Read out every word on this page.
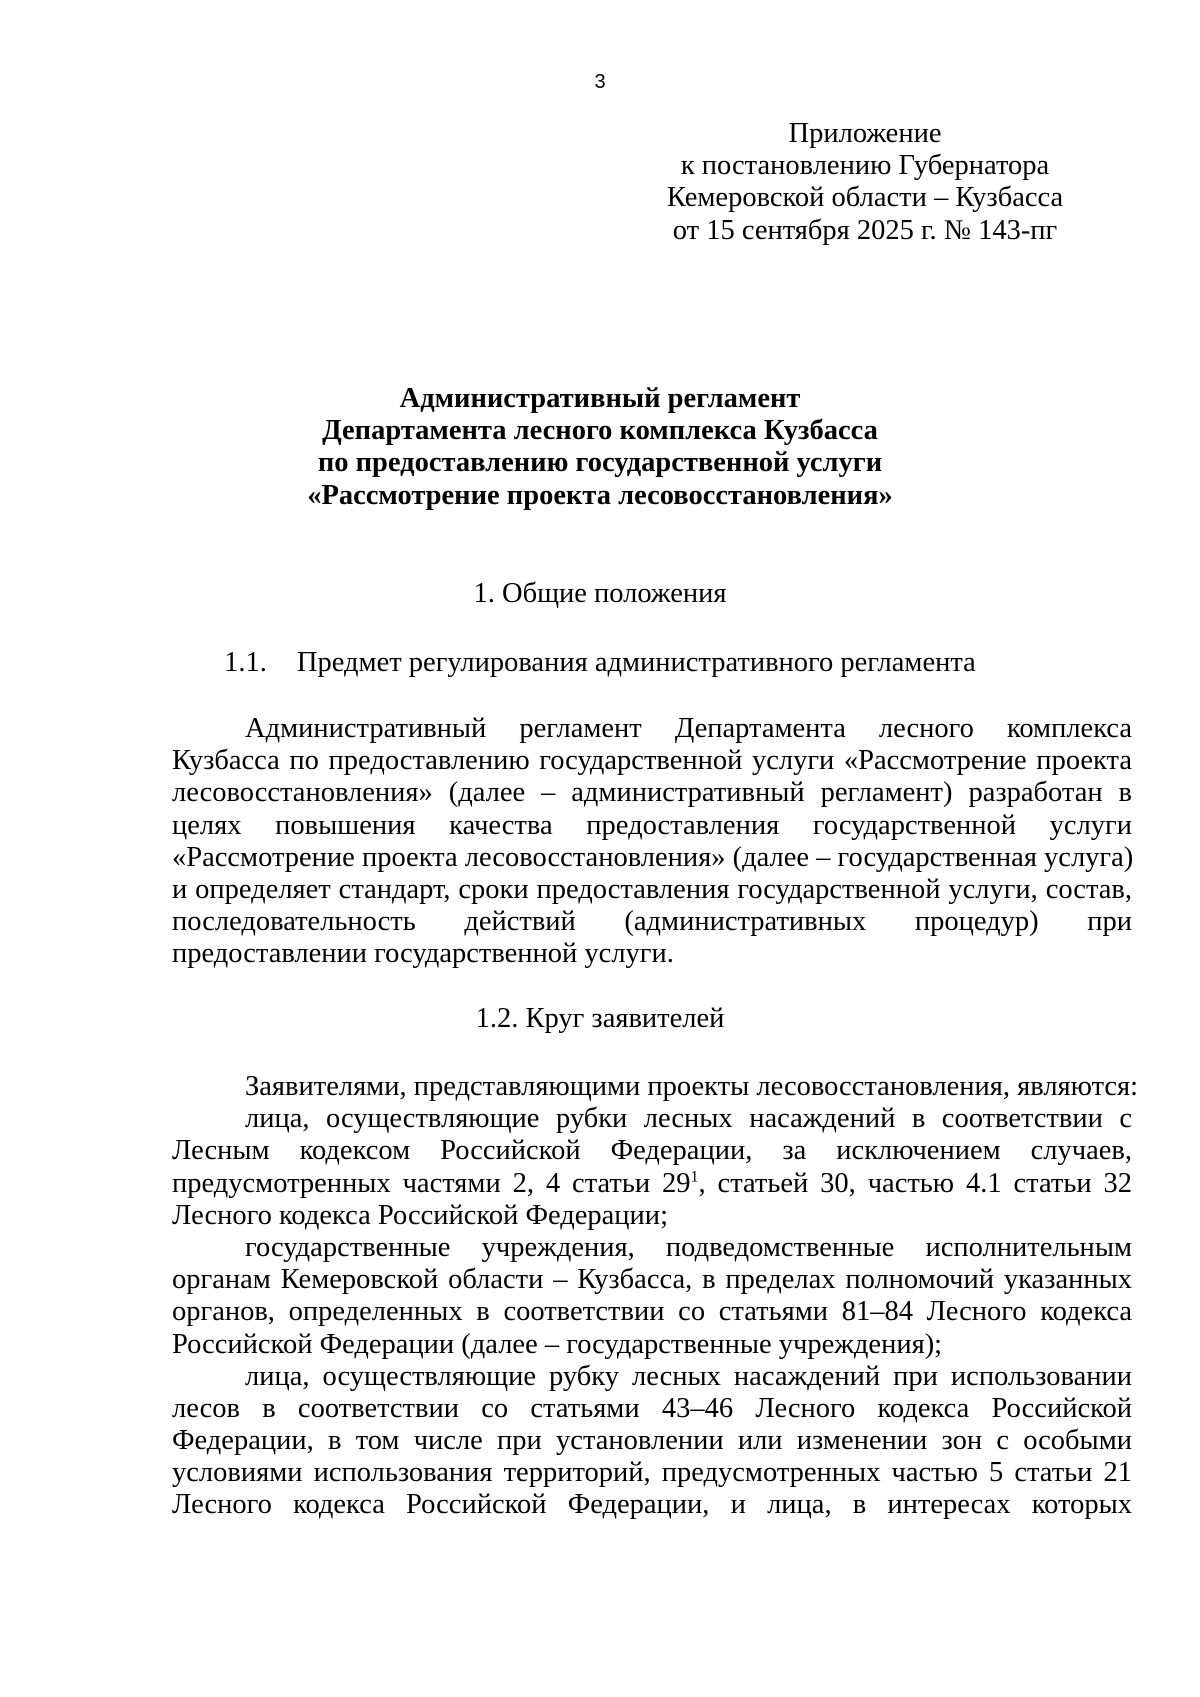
3
Приложение
к постановлению Губернатора
Кемеровской области – Кузбасса
от 15 сентября 2025 г. № 143-пг
Административный регламент
Департамента лесного комплекса Кузбасса
по предоставлению государственной услуги
«Рассмотрение проекта лесовосстановления»
1. Общие положения
1.1. Предмет регулирования административного регламента
Административный регламент Департамента лесного комплекса
Кузбасса по предоставлению государственной услуги «Рассмотрение проекта
лесовосстановления» (далее – административный регламент) разработан в
целях повышения качества предоставления государственной услуги
«Рассмотрение проекта лесовосстановления» (далее – государственная услуга)
и определяет стандарт, сроки предоставления государственной услуги, состав,
последовательность действий (административных процедур) при
предоставлении государственной услуги.
1.2. Круг заявителей
Заявителями, представляющими проекты лесовосстановления, являются:
лица, осуществляющие рубки лесных насаждений в соответствии с
Лесным кодексом Российской Федерации, за исключением случаев,
предусмотренных частями 2, 4 статьи $29^1$, статьей 30, частью 4.1 статьи 32
Лесного кодекса Российской Федерации;
государственные учреждения, подведомственные исполнительным
органам Кемеровской области – Кузбасса, в пределах полномочий указанных
органов, определенных в соответствии со статьями 81–84 Лесного кодекса
Российской Федерации (далее – государственные учреждения);
лица, осуществляющие рубку лесных насаждений при использовании
лесов в соответствии со статьями 43–46 Лесного кодекса Российской
Федерации, в том числе при установлении или изменении зон с особыми
условиями использования территорий, предусмотренных частью 5 статьи 21
Лесного кодекса Российской Федерации, и лица, в интересах которых
